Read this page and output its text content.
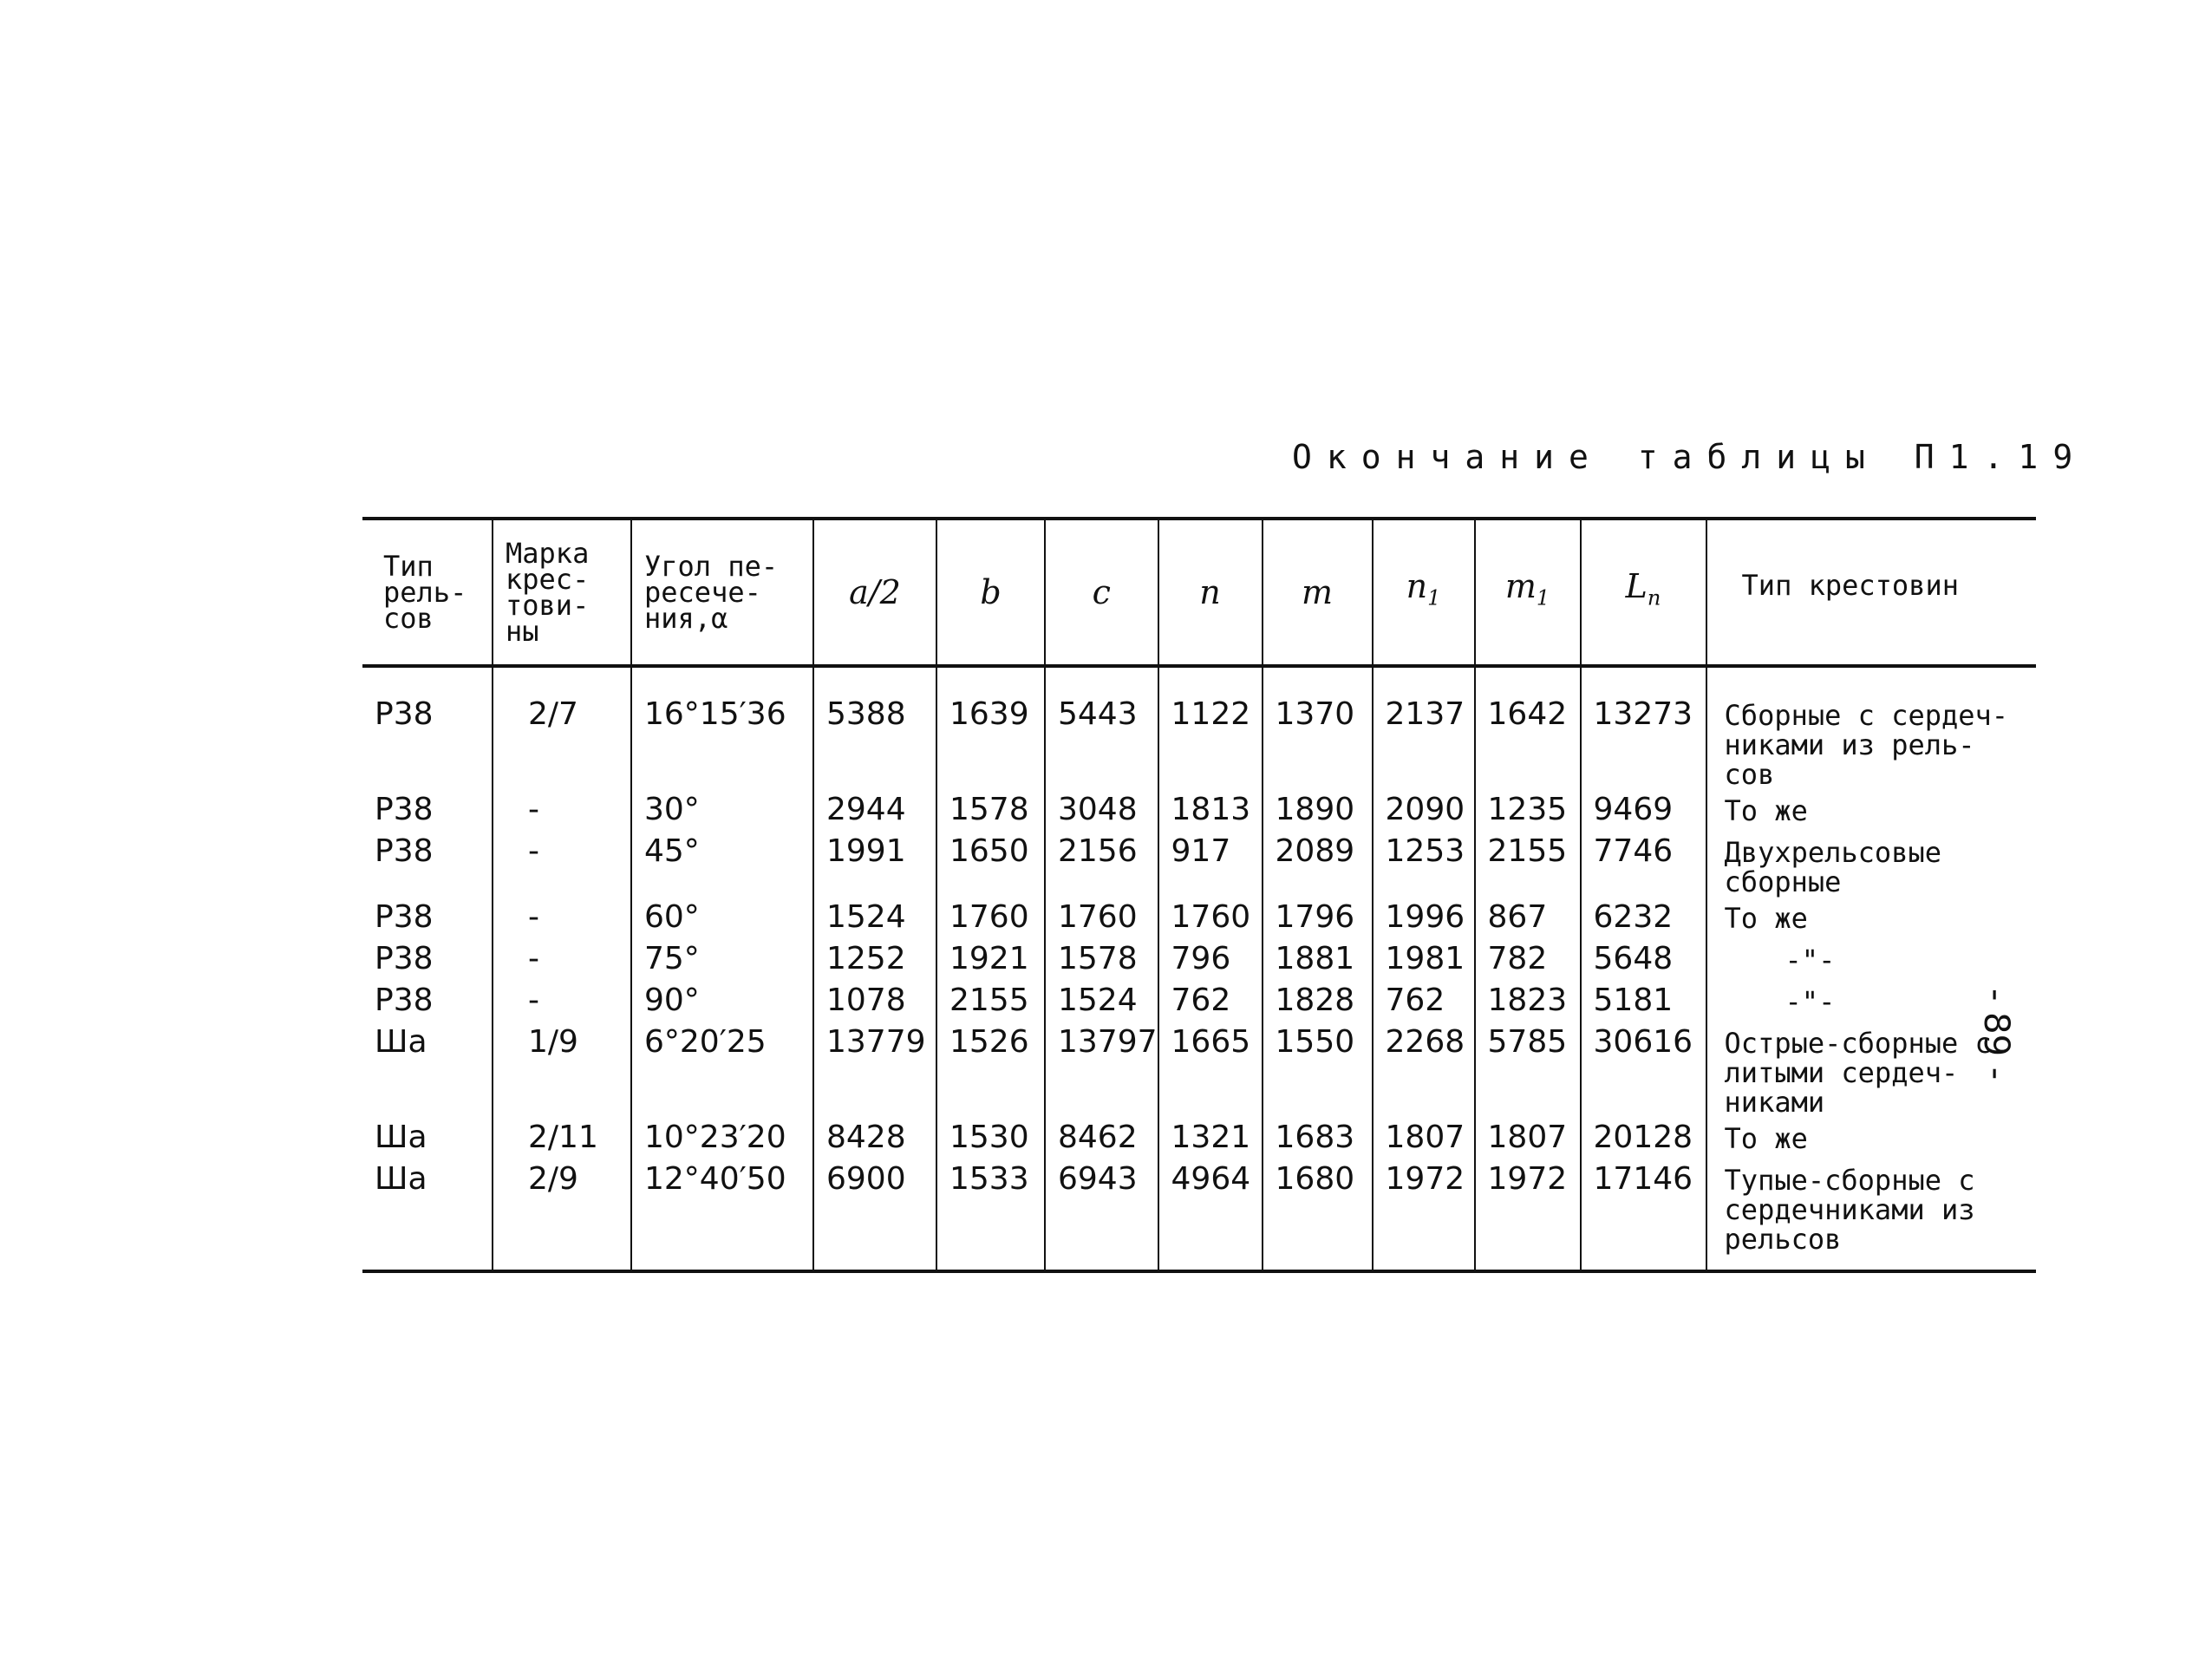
Окончание таблицы П1.19
Тип рель- сов	Марка крес- тови- ны	Угол пе- ресече- ния,α	a/2	b	c	n	m	$n_1$	$m_1$	$L_n$	Тип крестовин
Р38	2/7	16°15′36	5388	1639	5443	1122	1370	2137	1642	13273	Сборные с сердеч- никами из рель- сов
Р38	-	30°	2944	1578	3048	1813	1890	2090	1235	9469	То же
Р38	-	45°	1991	1650	2156	917	2089	1253	2155	7746	Двухрельсовые сборные
Р38	-	60°	1524	1760	1760	1760	1796	1996	867	6232	То же
Р38	-	75°	1252	1921	1578	796	1881	1981	782	5648	-"-
Р38	-	90°	1078	2155	1524	762	1828	762	1823	5181	-"-
Ша	1/9	6°20′25	13779	1526	13797	1665	1550	2268	5785	30616	Острые-сборные с литыми сердеч- никами
Ша	2/11	10°23′20	8428	1530	8462	1321	1683	1807	1807	20128	То же
Ша	2/9	12°40′50	6900	1533	6943	4964	1680	1972	1972	17146	Тупые-сборные с сердечниками из рельсов
- 89 -
